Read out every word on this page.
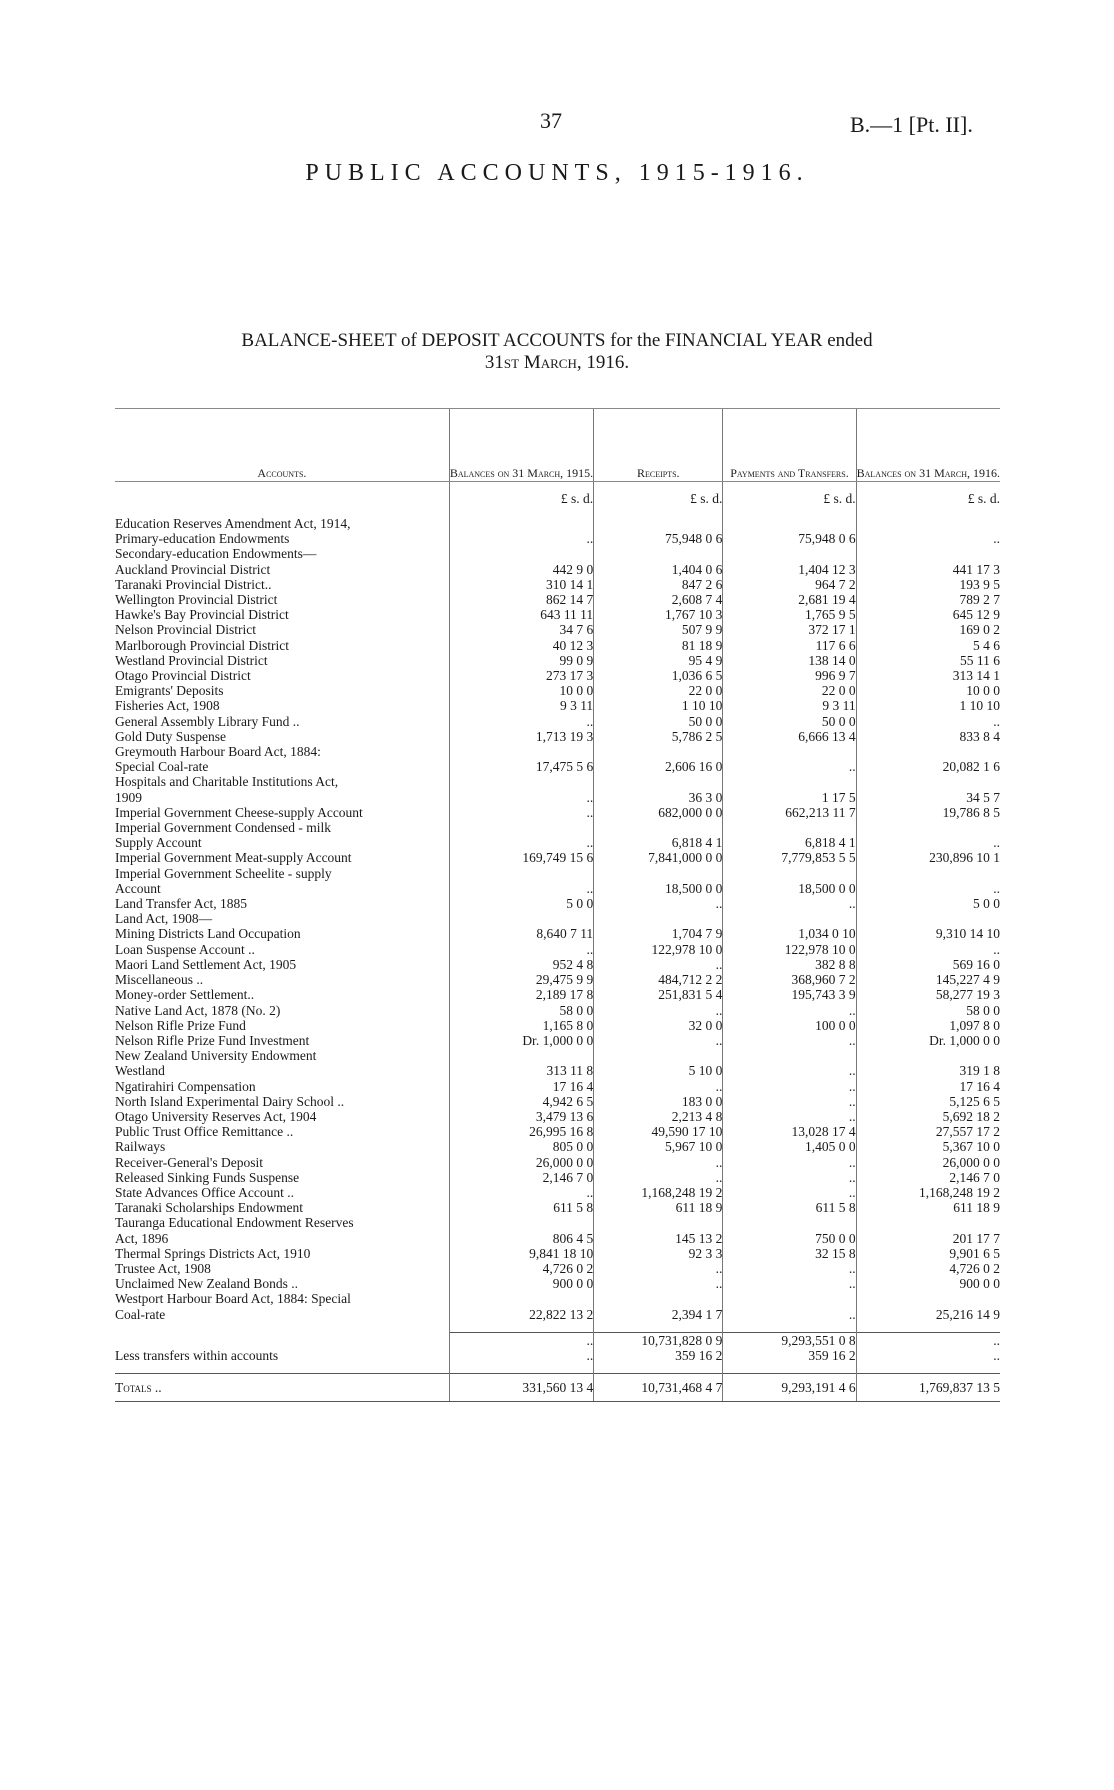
37	B.—1 [Pt. II].
PUBLIC ACCOUNTS, 1915-1916.
BALANCE-SHEET of DEPOSIT ACCOUNTS for the FINANCIAL YEAR ended
31st March, 1916.
Accounts.	Balances on 31 March, 1915.	Receipts.	Payments and Transfers.	Balances on 31 March, 1916.
	£ s. d.	£ s. d.	£ s. d.	£ s. d.
Education Reserves Amendment Act, 1914,				
Primary-education Endowments	..	75,948 0 6	75,948 0 6	..
Secondary-education Endowments—				
Auckland Provincial District	442 9 0	1,404 0 6	1,404 12 3	441 17 3
Taranaki Provincial District..	310 14 1	847 2 6	964 7 2	193 9 5
Wellington Provincial District	862 14 7	2,608 7 4	2,681 19 4	789 2 7
Hawke's Bay Provincial District	643 11 11	1,767 10 3	1,765 9 5	645 12 9
Nelson Provincial District	34 7 6	507 9 9	372 17 1	169 0 2
Marlborough Provincial District	40 12 3	81 18 9	117 6 6	5 4 6
Westland Provincial District	99 0 9	95 4 9	138 14 0	55 11 6
Otago Provincial District	273 17 3	1,036 6 5	996 9 7	313 14 1
Emigrants' Deposits	10 0 0	22 0 0	22 0 0	10 0 0
Fisheries Act, 1908	9 3 11	1 10 10	9 3 11	1 10 10
General Assembly Library Fund ..	..	50 0 0	50 0 0	..
Gold Duty Suspense	1,713 19 3	5,786 2 5	6,666 13 4	833 8 4
Greymouth Harbour Board Act, 1884:				
Special Coal-rate	17,475 5 6	2,606 16 0	..	20,082 1 6
Hospitals and Charitable Institutions Act,				
1909	..	36 3 0	1 17 5	34 5 7
Imperial Government Cheese-supply Account	..	682,000 0 0	662,213 11 7	19,786 8 5
Imperial Government Condensed - milk				
Supply Account	..	6,818 4 1	6,818 4 1	..
Imperial Government Meat-supply Account	169,749 15 6	7,841,000 0 0	7,779,853 5 5	230,896 10 1
Imperial Government Scheelite - supply				
Account	..	18,500 0 0	18,500 0 0	..
Land Transfer Act, 1885	5 0 0	..	..	5 0 0
Land Act, 1908—				
Mining Districts Land Occupation	8,640 7 11	1,704 7 9	1,034 0 10	9,310 14 10
Loan Suspense Account ..	..	122,978 10 0	122,978 10 0	..
Maori Land Settlement Act, 1905	952 4 8	..	382 8 8	569 16 0
Miscellaneous ..	29,475 9 9	484,712 2 2	368,960 7 2	145,227 4 9
Money-order Settlement..	2,189 17 8	251,831 5 4	195,743 3 9	58,277 19 3
Native Land Act, 1878 (No. 2)	58 0 0	..	..	58 0 0
Nelson Rifle Prize Fund	1,165 8 0	32 0 0	100 0 0	1,097 8 0
Nelson Rifle Prize Fund Investment	Dr. 1,000 0 0	..	..	Dr. 1,000 0 0
New Zealand University Endowment				
Westland	313 11 8	5 10 0	..	319 1 8
Ngatirahiri Compensation	17 16 4	..	..	17 16 4
North Island Experimental Dairy School ..	4,942 6 5	183 0 0	..	5,125 6 5
Otago University Reserves Act, 1904	3,479 13 6	2,213 4 8	..	5,692 18 2
Public Trust Office Remittance ..	26,995 16 8	49,590 17 10	13,028 17 4	27,557 17 2
Railways	805 0 0	5,967 10 0	1,405 0 0	5,367 10 0
Receiver-General's Deposit	26,000 0 0	..	..	26,000 0 0
Released Sinking Funds Suspense	2,146 7 0	..	..	2,146 7 0
State Advances Office Account ..	..	1,168,248 19 2	..	1,168,248 19 2
Taranaki Scholarships Endowment	611 5 8	611 18 9	611 5 8	611 18 9
Tauranga Educational Endowment Reserves				
Act, 1896	806 4 5	145 13 2	750 0 0	201 17 7
Thermal Springs Districts Act, 1910	9,841 18 10	92 3 3	32 15 8	9,901 6 5
Trustee Act, 1908	4,726 0 2	..	..	4,726 0 2
Unclaimed New Zealand Bonds ..	900 0 0	..	..	900 0 0
Westport Harbour Board Act, 1884: Special				
Coal-rate	22,822 13 2	2,394 1 7	..	25,216 14 9

	..	10,731,828 0 9	9,293,551 0 8	..
Less transfers within accounts	..	359 16 2	359 16 2	..

Totals ..	331,560 13 4	10,731,468 4 7	9,293,191 4 6	1,769,837 13 5
